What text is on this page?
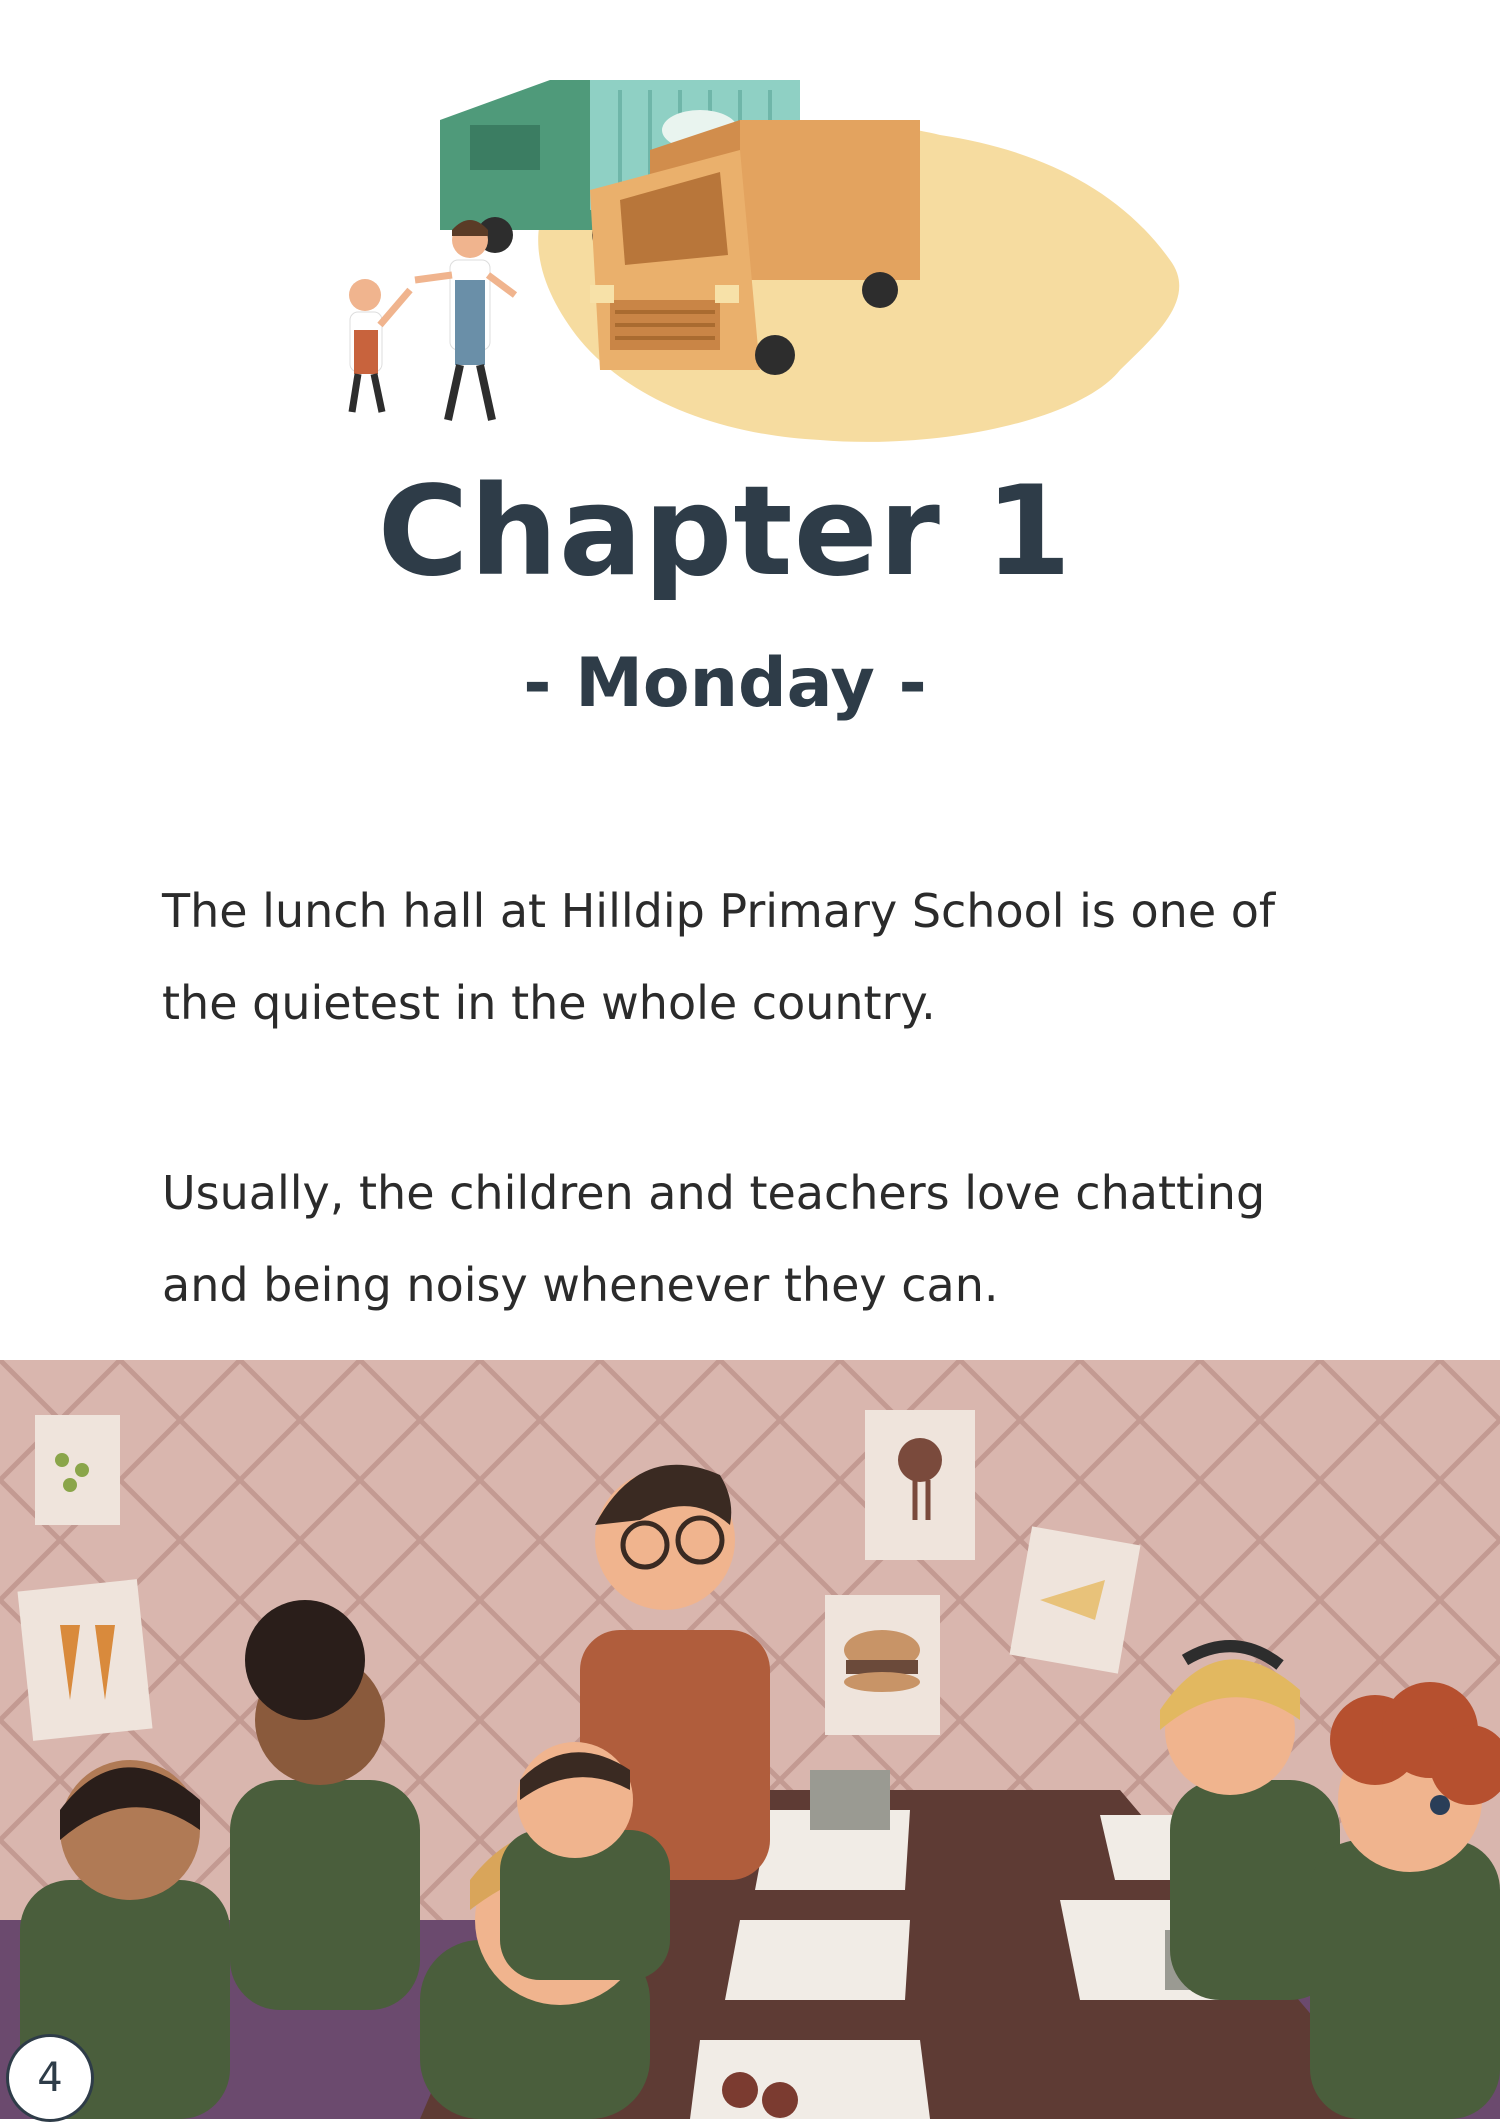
Chapter 1
- Monday -

The lunch hall at Hilldip Primary School is one of the quietest in the whole country.

Usually, the children and teachers love chatting and being noisy whenever they can.

4
